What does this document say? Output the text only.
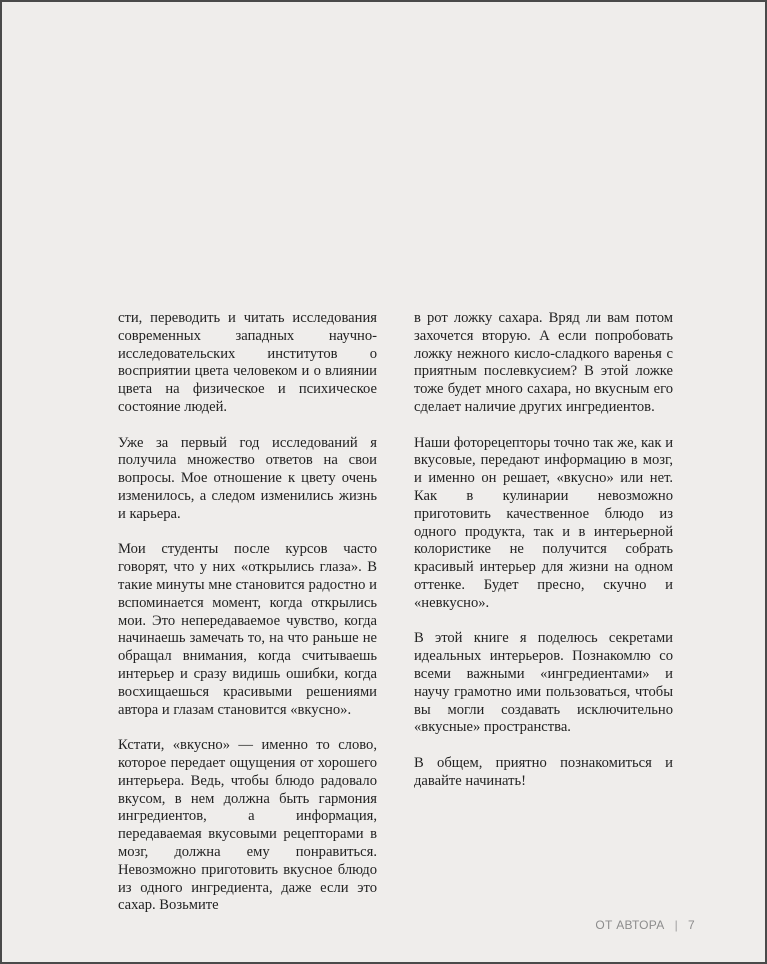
сти, переводить и читать исследования современных западных научно-исследовательских институтов о восприятии цвета человеком и о влиянии цвета на физическое и психическое состояние людей.

Уже за первый год исследований я получила множество ответов на свои вопросы. Мое отношение к цвету очень изменилось, а следом изменились жизнь и карьера.

Мои студенты после курсов часто говорят, что у них «открылись глаза». В такие минуты мне становится радостно и вспоминается момент, когда открылись мои. Это непередаваемое чувство, когда начинаешь замечать то, на что раньше не обращал внимания, когда считываешь интерьер и сразу видишь ошибки, когда восхищаешься красивыми решениями автора и глазам становится «вкусно».

Кстати, «вкусно» — именно то слово, которое передает ощущения от хорошего интерьера. Ведь, чтобы блюдо радовало вкусом, в нем должна быть гармония ингредиентов, а информация, передаваемая вкусовыми рецепторами в мозг, должна ему понравиться. Невозможно приготовить вкусное блюдо из одного ингредиента, даже если это сахар. Возьмите

в рот ложку сахара. Вряд ли вам потом захочется вторую. А если попробовать ложку нежного кисло-сладкого варенья с приятным послевкусием? В этой ложке тоже будет много сахара, но вкусным его сделает наличие других ингредиентов.

Наши фоторецепторы точно так же, как и вкусовые, передают информацию в мозг, и именно он решает, «вкусно» или нет. Как в кулинарии невозможно приготовить качественное блюдо из одного продукта, так и в интерьерной колористике не получится собрать красивый интерьер для жизни на одном оттенке. Будет пресно, скучно и «невкусно».

В этой книге я поделюсь секретами идеальных интерьеров. Познакомлю со всеми важными «ингредиентами» и научу грамотно ими пользоваться, чтобы вы могли создавать исключительно «вкусные» пространства.

В общем, приятно познакомиться и давайте начинать!

ОТ АВТОРА | 7
